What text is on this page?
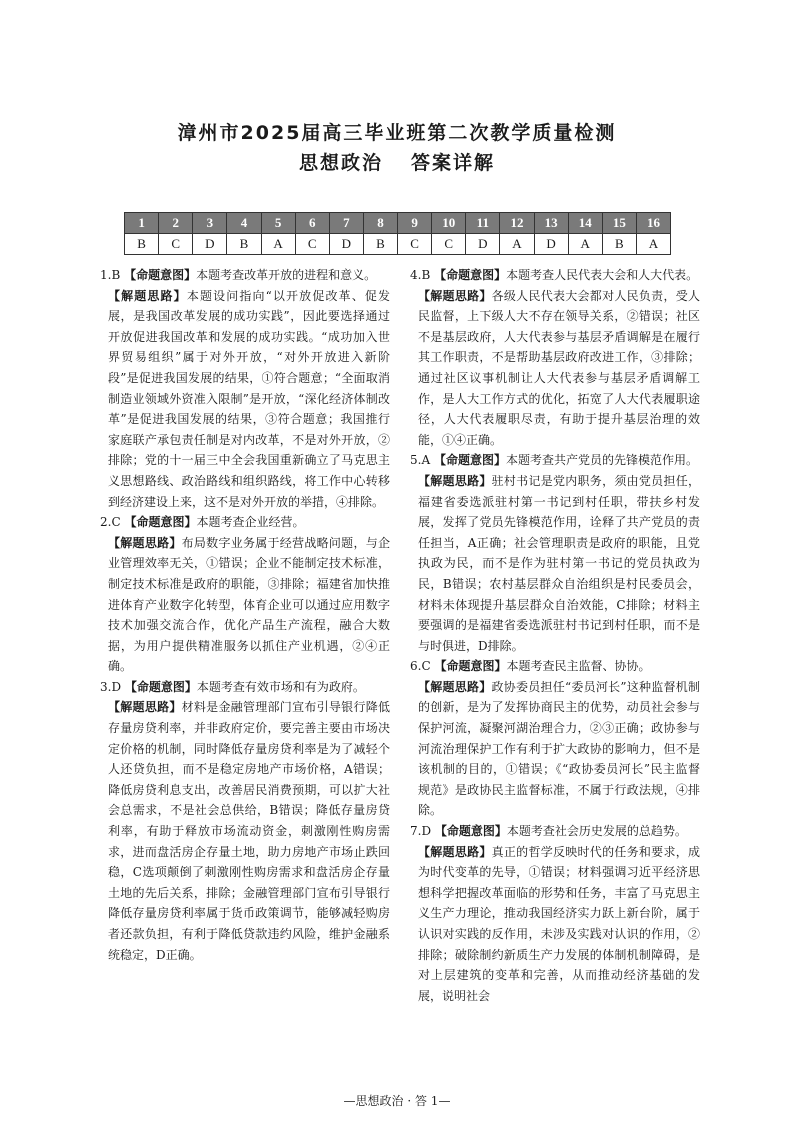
漳州市2025届高三毕业班第二次教学质量检测
思想政治 答案详解
1	2	3	4	5	6	7	8	9	10	11	12	13	14	15	16
B	C	D	B	A	C	D	B	C	C	D	A	D	A	B	A

1.B 【命题意图】本题考查改革开放的进程和意义。

【解题思路】本题设问指向“以开放促改革、促发展，是我国改革发展的成功实践”，因此要选择通过开放促进我国改革和发展的成功实践。“成功加入世界贸易组织”属于对外开放，“对外开放进入新阶段”是促进我国发展的结果，①符合题意；“全面取消制造业领域外资准入限制”是开放，“深化经济体制改革”是促进我国发展的结果，③符合题意；我国推行家庭联产承包责任制是对内改革，不是对外开放，②排除；党的十一届三中全会我国重新确立了马克思主义思想路线、政治路线和组织路线，将工作中心转移到经济建设上来，这不是对外开放的举措，④排除。

2.C 【命题意图】本题考查企业经营。

【解题思路】布局数字业务属于经营战略问题，与企业管理效率无关，①错误；企业不能制定技术标准，制定技术标准是政府的职能，③排除；福建省加快推进体育产业数字化转型，体育企业可以通过应用数字技术加强交流合作，优化产品生产流程，融合大数据，为用户提供精准服务以抓住产业机遇，②④正确。

3.D 【命题意图】本题考查有效市场和有为政府。

【解题思路】材料是金融管理部门宣布引导银行降低存量房贷利率，并非政府定价，要完善主要由市场决定价格的机制，同时降低存量房贷利率是为了减轻个人还贷负担，而不是稳定房地产市场价格，A错误；降低房贷利息支出，改善居民消费预期，可以扩大社会总需求，不是社会总供给，B错误；降低存量房贷利率，有助于释放市场流动资金，刺激刚性购房需求，进而盘活房企存量土地，助力房地产市场止跌回稳，C选项颠倒了刺激刚性购房需求和盘活房企存量土地的先后关系，排除；金融管理部门宣布引导银行降低存量房贷利率属于货币政策调节，能够减轻购房者还款负担，有利于降低贷款违约风险，维护金融系统稳定，D正确。

4.B 【命题意图】本题考查人民代表大会和人大代表。

【解题思路】各级人民代表大会都对人民负责，受人民监督，上下级人大不存在领导关系，②错误；社区不是基层政府，人大代表参与基层矛盾调解是在履行其工作职责，不是帮助基层政府改进工作，③排除；通过社区议事机制让人大代表参与基层矛盾调解工作，是人大工作方式的优化，拓宽了人大代表履职途径，人大代表履职尽责，有助于提升基层治理的效能，①④正确。

5.A 【命题意图】本题考查共产党员的先锋模范作用。

【解题思路】驻村书记是党内职务，须由党员担任，福建省委选派驻村第一书记到村任职，带扶乡村发展，发挥了党员先锋模范作用，诠释了共产党员的责任担当，A正确；社会管理职责是政府的职能，且党执政为民，而不是作为驻村第一书记的党员执政为民，B错误；农村基层群众自治组织是村民委员会，材料未体现提升基层群众自治效能，C排除；材料主要强调的是福建省委选派驻村书记到村任职，而不是与时俱进，D排除。

6.C 【命题意图】本题考查民主监督、协协。

【解题思路】政协委员担任“委员河长”这种监督机制的创新，是为了发挥协商民主的优势，动员社会参与保护河流，凝聚河湖治理合力，②③正确；政协参与河流治理保护工作有利于扩大政协的影响力，但不是该机制的目的，①错误；《“政协委员河长”民主监督规范》是政协民主监督标准，不属于行政法规，④排除。

7.D 【命题意图】本题考查社会历史发展的总趋势。

【解题思路】真正的哲学反映时代的任务和要求，成为时代变革的先导，①错误；材料强调习近平经济思想科学把握改革面临的形势和任务，丰富了马克思主义生产力理论，推动我国经济实力跃上新台阶，属于认识对实践的反作用，未涉及实践对认识的作用，②排除；破除制约新质生产力发展的体制机制障碍，是对上层建筑的变革和完善，从而推动经济基础的发展，说明社会

—思想政治 · 答 1—
